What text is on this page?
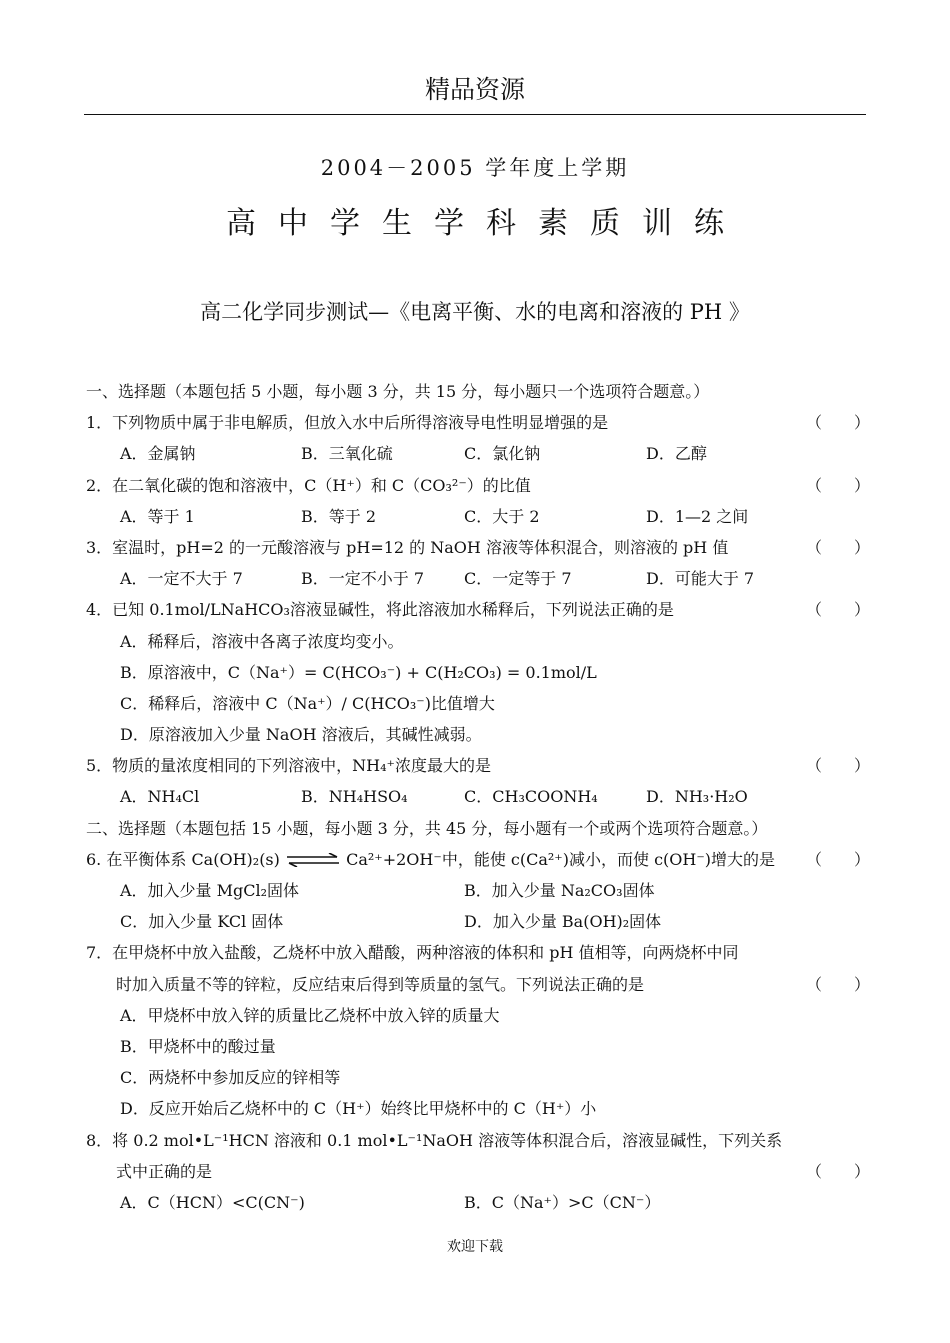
精品资源
2004－2005 学年度上学期
高中学生学科素质训练
高二化学同步测试—《电离平衡、水的电离和溶液的 PH 》
一、选择题（本题包括 5 小题，每小题 3 分，共 15 分，每小题只一个选项符合题意。）
1．下列物质中属于非电解质，但放入水中后所得溶液导电性明显增强的是	（　　）
A．金属钠	B．三氧化硫	C．氯化钠	D．乙醇
2．在二氧化碳的饱和溶液中，C（H⁺）和 C（CO₃²⁻）的比值	（　　）
A．等于 1	B．等于 2	C．大于 2	D．1—2 之间
3．室温时，pH=2 的一元酸溶液与 pH=12 的 NaOH 溶液等体积混合，则溶液的 pH 值	（　　）
A．一定不大于 7	B．一定不小于 7 C．一定等于 7	D．可能大于 7
4．已知 0.1mol/LNaHCO₃溶液显碱性，将此溶液加水稀释后，下列说法正确的是	（　　）
A．稀释后，溶液中各离子浓度均变小。
B．原溶液中，C（Na⁺）= C(HCO₃⁻) + C(H₂CO₃) = 0.1mol/L
C．稀释后，溶液中 C（Na⁺）/ C(HCO₃⁻)比值增大
D．原溶液加入少量 NaOH 溶液后，其碱性减弱。
5．物质的量浓度相同的下列溶液中，NH₄⁺浓度最大的是	（　　）
A．NH₄Cl	B．NH₄HSO₄	C．CH₃COONH₄	D．NH₃·H₂O
二、选择题（本题包括 15 小题，每小题 3 分，共 45 分，每小题有一个或两个选项符合题意。）
6. 在平衡体系 Ca(OH)₂(s) ⇌ Ca²⁺+2OH⁻中，能使 c(Ca²⁺)减小，而使 c(OH⁻)增大的是 （　　）
A．加入少量 MgCl₂固体	B．加入少量 Na₂CO₃固体
C．加入少量 KCl 固体	D．加入少量 Ba(OH)₂固体
7．在甲烧杯中放入盐酸，乙烧杯中放入醋酸，两种溶液的体积和 pH 值相等，向两烧杯中同
时加入质量不等的锌粒，反应结束后得到等质量的氢气。下列说法正确的是	（　　）
A．甲烧杯中放入锌的质量比乙烧杯中放入锌的质量大
B．甲烧杯中的酸过量
C．两烧杯中参加反应的锌相等
D．反应开始后乙烧杯中的 C（H⁺）始终比甲烧杯中的 C（H⁺）小
8．将 0.2 mol•L⁻¹HCN 溶液和 0.1 mol•L⁻¹NaOH 溶液等体积混合后，溶液显碱性，下列关系
式中正确的是	（　　）
A．C（HCN）<C(CN⁻)	B．C（Na⁺）>C（CN⁻）
欢迎下载
